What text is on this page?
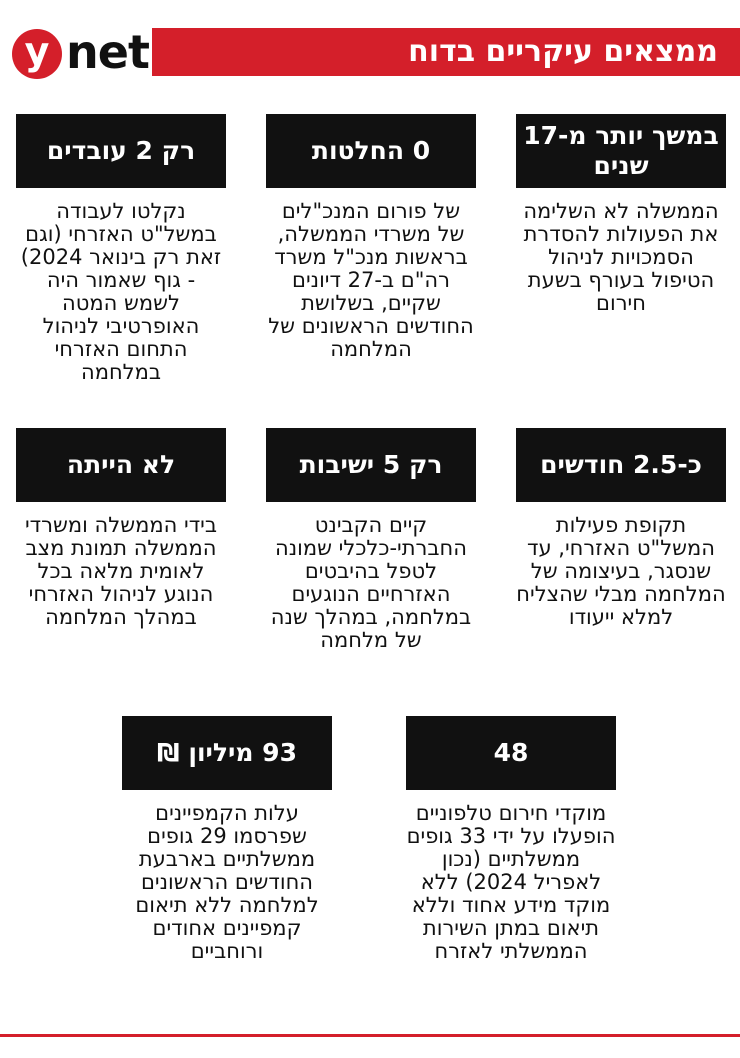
y net	ממצאים עיקריים בדוח
במשך יותר מ-17 שנים
הממשלה לא השלימה את הפעולות להסדרת הסמכויות לניהול הטיפול בעורף בשעת חירום
0 החלטות
של פורום המנכ"לים של משרדי הממשלה, בראשות מנכ"ל משרד רה"ם ב-27 דיונים שקיים, בשלושת החודשים הראשונים של המלחמה
רק 2 עובדים
נקלטו לעבודה במשל"ט האזרחי (וגם זאת רק בינואר 2024) - גוף שאמור היה לשמש המטה האופרטיבי לניהול התחום האזרחי במלחמה
כ-2.5 חודשים
תקופת פעילות המשל"ט האזרחי, עד שנסגר, בעיצומה של המלחמה מבלי שהצליח למלא ייעודו
רק 5 ישיבות
קיים הקבינט החברתי-כלכלי שמונה לטפל בהיבטים האזרחיים הנוגעים במלחמה, במהלך שנה של מלחמה
לא הייתה
בידי הממשלה ומשרדי הממשלה תמונת מצב לאומית מלאה בכל הנוגע לניהול האזרחי במהלך המלחמה
48
מוקדי חירום טלפוניים הופעלו על ידי 33 גופים ממשלתיים (נכון לאפריל 2024) ללא מוקד מידע אחוד וללא תיאום במתן השירות הממשלתי לאזרח
93 מיליון ₪
עלות הקמפיינים שפרסמו 29 גופים ממשלתיים בארבעת החודשים הראשונים למלחמה ללא תיאום קמפיינים אחודים ורוחביים
